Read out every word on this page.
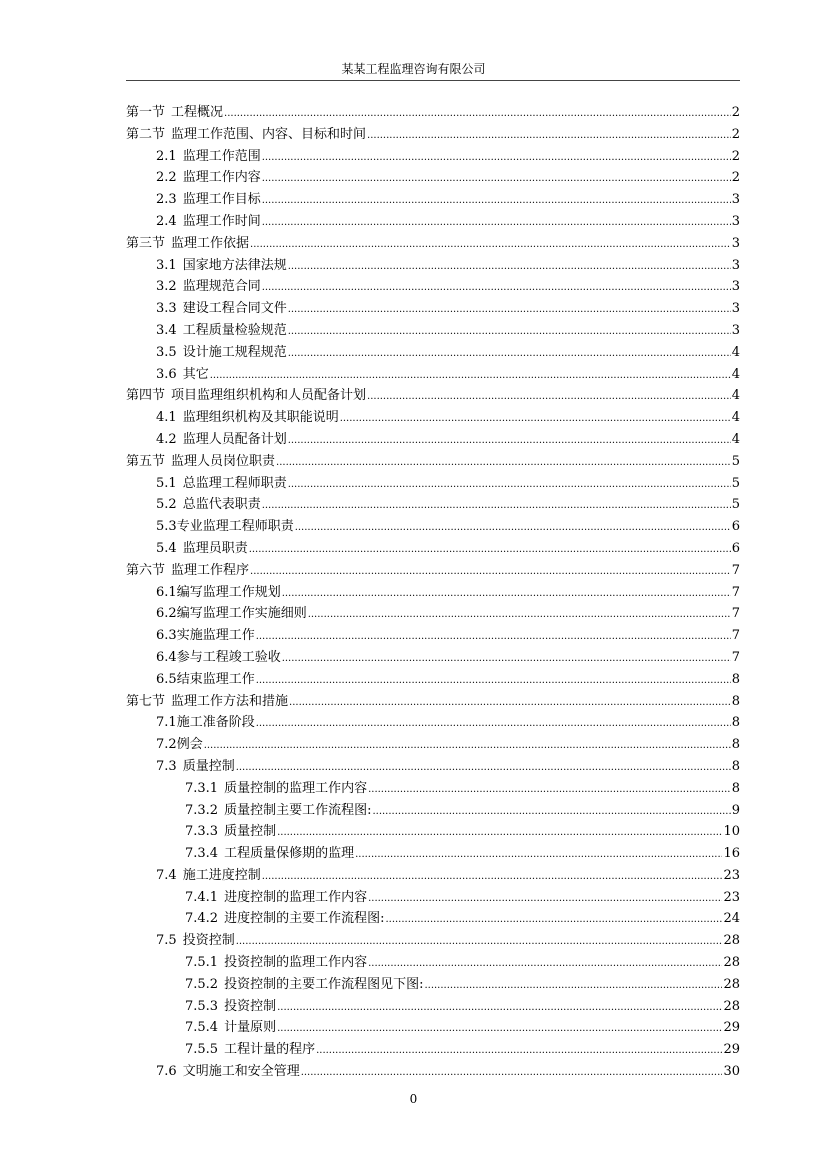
某某工程监理咨询有限公司
第一节 工程概况 .....	2
第二节 监理工作范围、内容、目标和时间 .....	2
2.1 监理工作范围 .....	2
2.2 监理工作内容 .....	2
2.3 监理工作目标 .....	3
2.4 监理工作时间 .....	3
第三节 监理工作依据 .....	3
3.1 国家地方法律法规 .....	3
3.2 监理规范合同 .....	3
3.3 建设工程合同文件 .....	3
3.4 工程质量检验规范 .....	3
3.5 设计施工规程规范 .....	4
3.6 其它 .....	4
第四节 项目监理组织机构和人员配备计划 .....	4
4.1 监理组织机构及其职能说明 .....	4
4.2 监理人员配备计划 .....	4
第五节 监理人员岗位职责 .....	5
5.1 总监理工程师职责 .....	5
5.2 总监代表职责 .....	5
5.3 专业监理工程师职责 .....	6
5.4 监理员职责 .....	6
第六节 监理工作程序 .....	7
6.1 编写监理工作规划 .....	7
6.2 编写监理工作实施细则 .....	7
6.3 实施监理工作 .....	7
6.4 参与工程竣工验收 .....	7
6.5 结束监理工作 .....	8
第七节 监理工作方法和措施 .....	8
7.1 施工准备阶段 .....	8
7.2 例会 .....	8
7.3 质量控制 .....	8
7.3.1 质量控制的监理工作内容 .....	8
7.3.2 质量控制主要工作流程图: .....	9
7.3.3 质量控制 .....	10
7.3.4 工程质量保修期的监理 .....	16
7.4 施工进度控制 .....	23
7.4.1 进度控制的监理工作内容 .....	23
7.4.2 进度控制的主要工作流程图: .....	24
7.5 投资控制 .....	28
7.5.1 投资控制的监理工作内容 .....	28
7.5.2 投资控制的主要工作流程图见下图: .....	28
7.5.3 投资控制 .....	28
7.5.4 计量原则 .....	29
7.5.5 工程计量的程序 .....	29
7.6 文明施工和安全管理 .....	30
0
